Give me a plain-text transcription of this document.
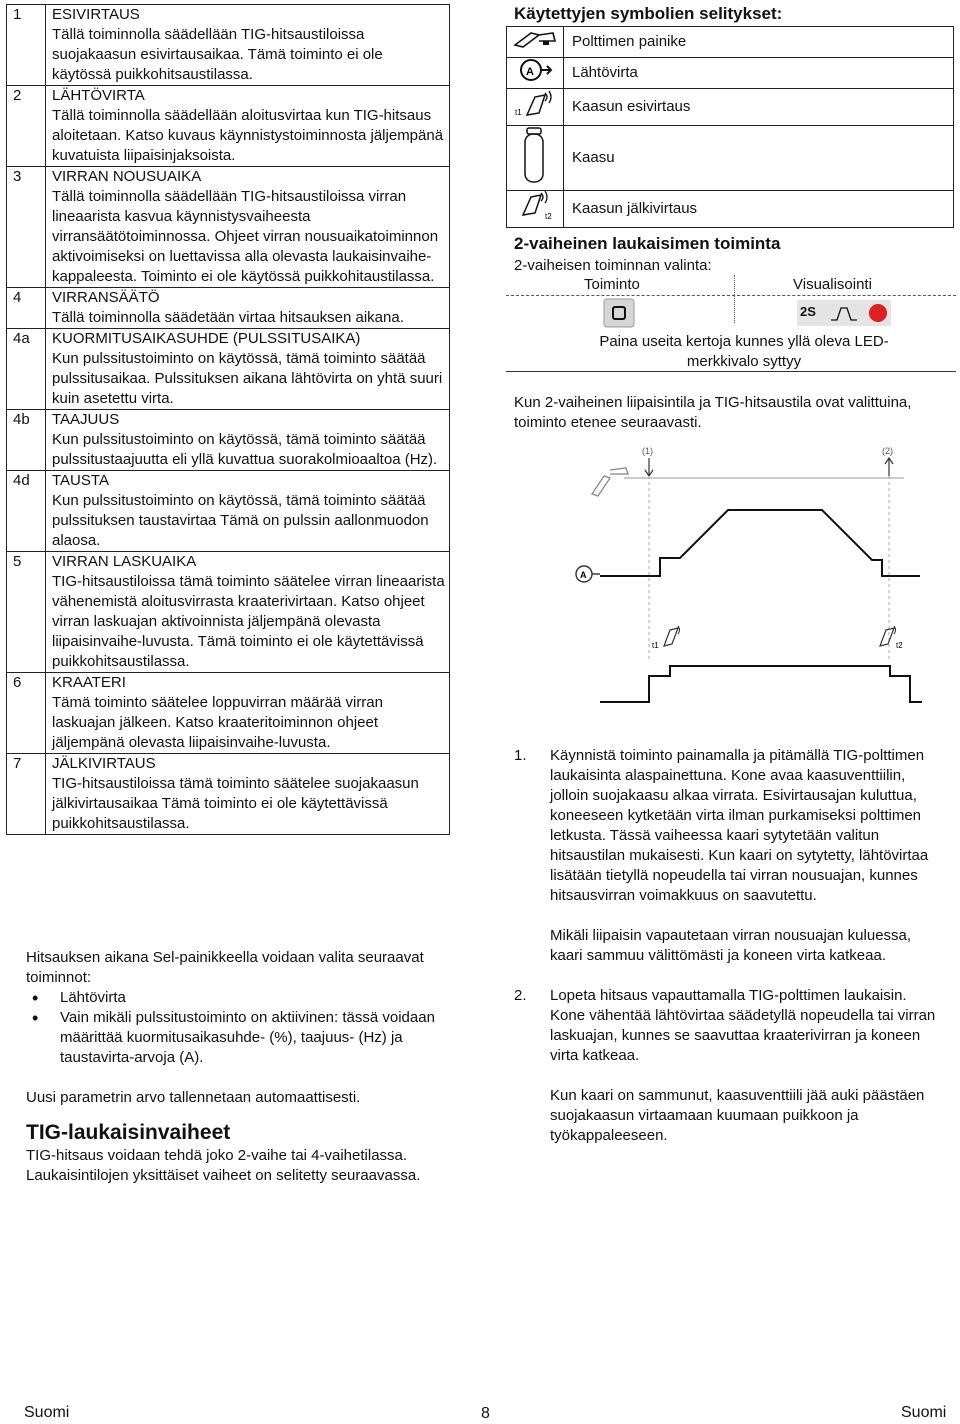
1	ESIVIRTAUS
Tällä toiminnolla säädellään TIG-hitsaustiloissa suojakaasun esivirtausaikaa. Tämä toiminto ei ole käytössä puikkohitsaustilassa.

2	LÄHTÖVIRTA
Tällä toiminnolla säädellään aloitusvirtaa kun TIG-hitsaus aloitetaan. Katso kuvaus käynnistystoiminnosta jäljempänä kuvatuista liipaisinjaksoista.

3	VIRRAN NOUSUAIKA
Tällä toiminnolla säädellään TIG-hitsaustiloissa virran lineaarista kasvua käynnistysvaiheesta virransäätötoiminnossa. Ohjeet virran nousuaikatoiminnon aktivoimiseksi on luettavissa alla olevasta laukaisinvaihe- kappaleesta. Toiminto ei ole käytössä puikkohitaustilassa.

4	VIRRANSÄÄTÖ
Tällä toiminnolla säädetään virtaa hitsauksen aikana.

4a	KUORMITUSAIKASUHDE (PULSSITUSAIKA)
Kun pulssitustoiminto on käytössä, tämä toiminto säätää pulssitusaikaa. Pulssituksen aikana lähtövirta on yhtä suuri kuin asetettu virta.

4b	TAAJUUS
Kun pulssitustoiminto on käytössä, tämä toiminto säätää pulssitustaajuutta eli yllä kuvattua suorakolmioaaltoa (Hz).

4d	TAUSTA
Kun pulssitustoiminto on käytössä, tämä toiminto säätää pulssituksen taustavirtaa Tämä on pulssin aallonmuodon alaosa.

5	VIRRAN LASKUAIKA
TIG-hitsaustiloissa tämä toiminto säätelee virran lineaarista vähenemistä aloitusvirrasta kraaterivirtaan. Katso ohjeet virran laskuajan aktivoinnista jäljempänä olevasta liipaisinvaihe-luvusta. Tämä toiminto ei ole käytettävissä puikkohitsaustilassa.

6	KRAATERI
Tämä toiminto säätelee loppuvirran määrää virran laskuajan jälkeen. Katso kraateritoiminnon ohjeet jäljempänä olevasta liipaisinvaihe-luvusta.

7	JÄLKIVIRTAUS
TIG-hitsaustiloissa tämä toiminto säätelee suojakaasun jälkivirtausaikaa Tämä toiminto ei ole käytettävissä puikkohitsaustilassa.
Hitsauksen aikana Sel-painikkeella voidaan valita seuraavat toiminnot:
• Lähtövirta
• Vain mikäli pulssitustoiminto on aktiivinen: tässä voidaan määrittää kuormitusaikasuhde- (%), taajuus- (Hz) ja taustavirta-arvoja (A).
Uusi parametrin arvo tallennetaan automaattisesti.
TIG-laukaisinvaiheet
TIG-hitsaus voidaan tehdä joko 2-vaihe tai 4-vaihetilassa. Laukaisintilojen yksittäiset vaiheet on selitetty seuraavassa.
Käytettyjen symbolien selitykset:
	Polttimen painike

A	Lähtövirta

t1	Kaasun esivirtaus
	Kaasu

t2	Kaasun jälkivirtaus
2-vaiheinen laukaisimen toiminta
2-vaiheisen toiminnan valinta:
Toiminto	Visualisointi
2S
Paina useita kertoja kunnes yllä oleva LED-merkkivalo syttyy
Kun 2-vaiheinen liipaisintila ja TIG-hitsaustila ovat valittuina, toiminto etenee seuraavasti.
(1)	(2)
A
t1	t2
1. Käynnistä toiminto painamalla ja pitämällä TIG-polttimen laukaisinta alaspainettuna. Kone avaa kaasuventtiilin, jolloin suojakaasu alkaa virrata. Esivirtausajan kuluttua, koneeseen kytketään virta ilman purkamiseksi polttimen letkusta. Tässä vaiheessa kaari sytytetään valitun hitsaustilan mukaisesti. Kun kaari on sytytetty, lähtövirtaa lisätään tietyllä nopeudella tai virran nousuajan, kunnes hitsausvirran voimakkuus on saavutettu.

Mikäli liipaisin vapautetaan virran nousuajan kuluessa, kaari sammuu välittömästi ja koneen virta katkeaa.

2. Lopeta hitsaus vapauttamalla TIG-polttimen laukaisin. Kone vähentää lähtövirtaa säädetyllä nopeudella tai virran laskuajan, kunnes se saavuttaa kraaterivirran ja koneen virta katkeaa.

Kun kaari on sammunut, kaasuventtiili jää auki päästäen suojakaasun virtaamaan kuumaan puikkoon ja työkappaleeseen.

Suomi	8	Suomi
